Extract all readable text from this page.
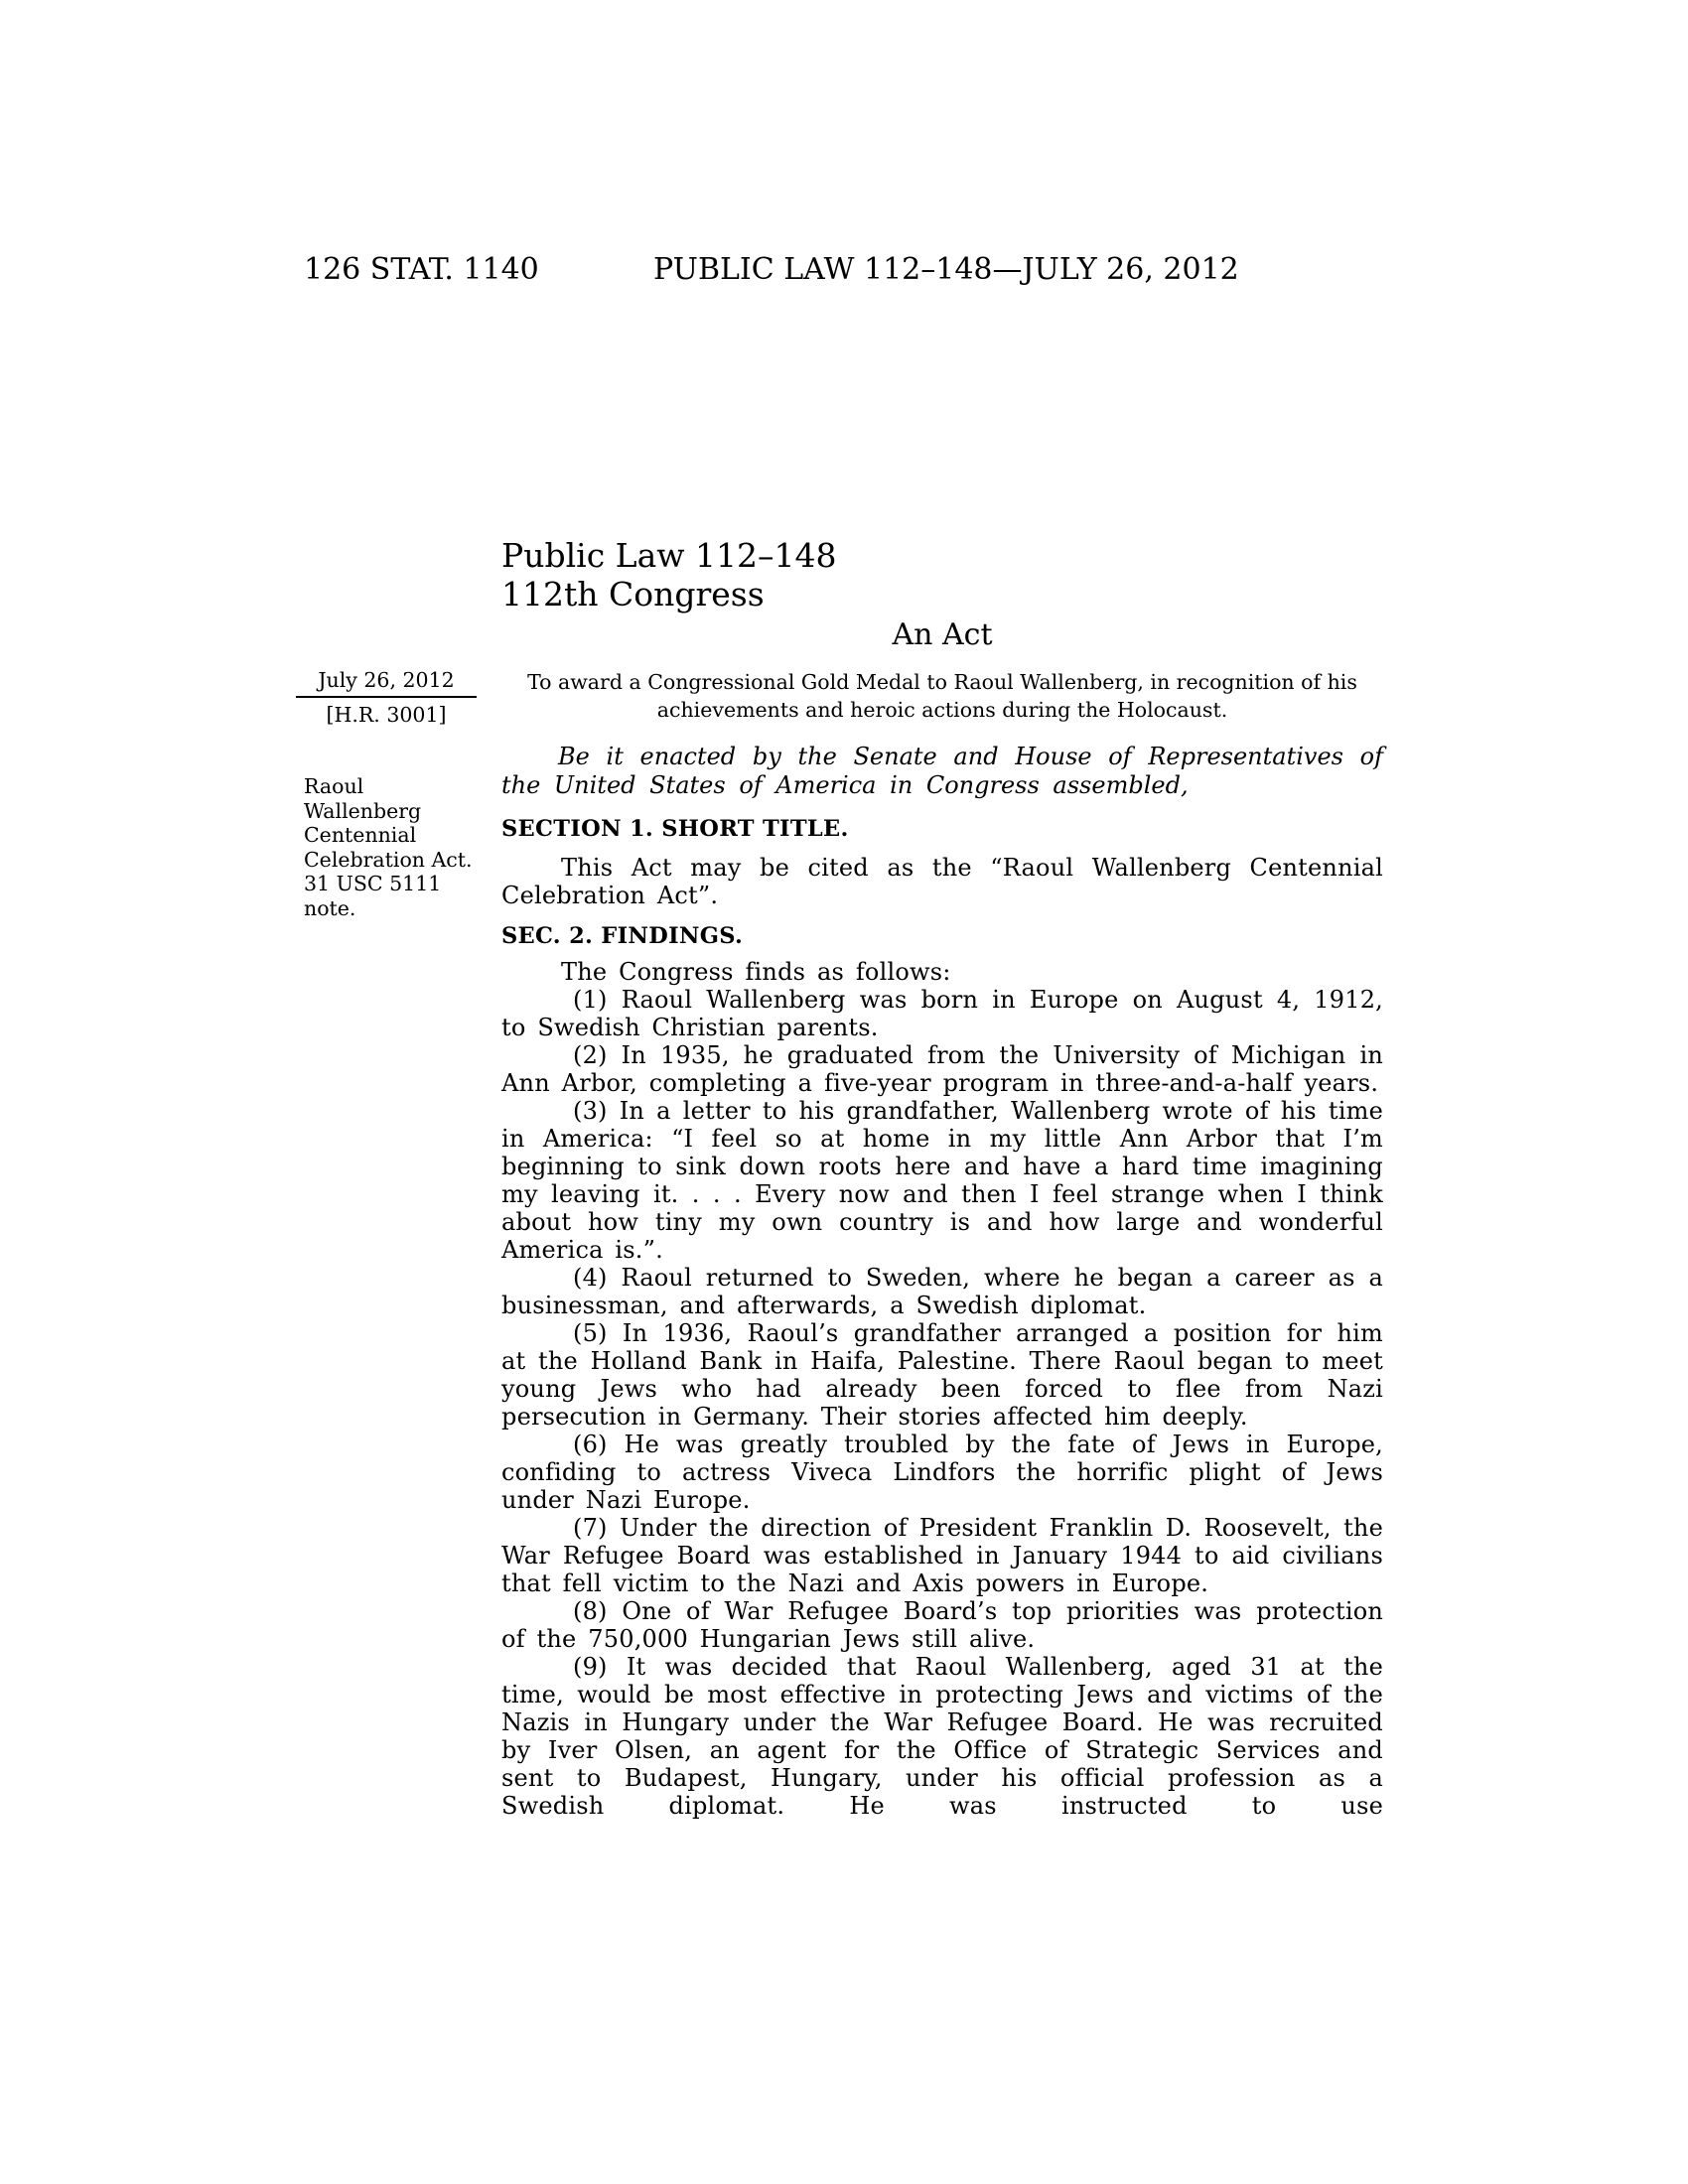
126 STAT. 1140	PUBLIC LAW 112–148—JULY 26, 2012
Public Law 112–148
112th Congress
An Act
To award a Congressional Gold Medal to Raoul Wallenberg, in recognition of his achievements and heroic actions during the Holocaust.
July 26, 2012
[H.R. 3001]
Raoul
Wallenberg
Centennial
Celebration Act.
31 USC 5111
note.
Be it enacted by the Senate and House of Representatives of the United States of America in Congress assembled,
SECTION 1. SHORT TITLE.
This Act may be cited as the “Raoul Wallenberg Centennial Celebration Act”.
SEC. 2. FINDINGS.

The Congress finds as follows:

(1) Raoul Wallenberg was born in Europe on August 4, 1912, to Swedish Christian parents.

(2) In 1935, he graduated from the University of Michigan in Ann Arbor, completing a five-year program in three-and-a-half years.

(3) In a letter to his grandfather, Wallenberg wrote of his time in America: “I feel so at home in my little Ann Arbor that I’m beginning to sink down roots here and have a hard time imagining my leaving it. . . . Every now and then I feel strange when I think about how tiny my own country is and how large and wonderful America is.”.

(4) Raoul returned to Sweden, where he began a career as a businessman, and afterwards, a Swedish diplomat.

(5) In 1936, Raoul’s grandfather arranged a position for him at the Holland Bank in Haifa, Palestine. There Raoul began to meet young Jews who had already been forced to flee from Nazi persecution in Germany. Their stories affected him deeply.

(6) He was greatly troubled by the fate of Jews in Europe, confiding to actress Viveca Lindfors the horrific plight of Jews under Nazi Europe.

(7) Under the direction of President Franklin D. Roosevelt, the War Refugee Board was established in January 1944 to aid civilians that fell victim to the Nazi and Axis powers in Europe.

(8) One of War Refugee Board’s top priorities was protection of the 750,000 Hungarian Jews still alive.

(9) It was decided that Raoul Wallenberg, aged 31 at the time, would be most effective in protecting Jews and victims of the Nazis in Hungary under the War Refugee Board. He was recruited by Iver Olsen, an agent for the Office of Strategic Services and sent to Budapest, Hungary, under his official profession as a Swedish diplomat. He was instructed to use
